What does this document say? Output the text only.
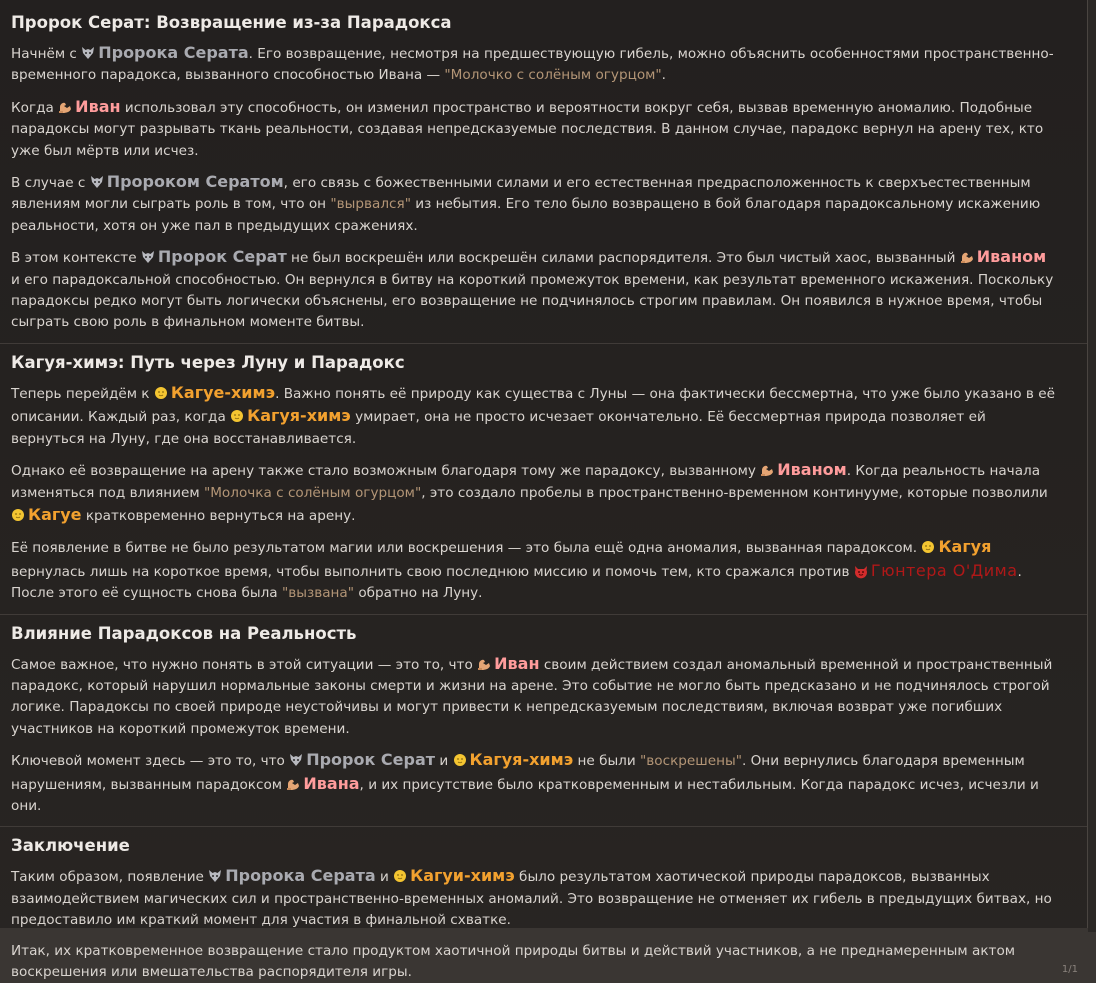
Пророк Серат: Возвращение из-за Парадокса

Начнём с
Пророка Серата. Его возвращение, несмотря на предшествующую гибель, можно объяснить особенностями пространственно-временного парадокса, вызванного способностью Ивана — "Молочко с солёным огурцом".

Когда
Иван использовал эту способность, он изменил пространство и вероятности вокруг себя, вызвав временную аномалию. Подобные парадоксы могут разрывать ткань реальности, создавая непредсказуемые последствия. В данном случае, парадокс вернул на арену тех, кто уже был мёртв или исчез.

В случае с
Пророком Сератом, его связь с божественными силами и его естественная предрасположенность к сверхъестественным явлениям могли сыграть роль в том, что он "вырвался" из небытия. Его тело было возвращено в бой благодаря парадоксальному искажению реальности, хотя он уже пал в предыдущих сражениях.

В этом контексте
Пророк Серат не был воскрешён или воскрешён силами распорядителя. Это был чистый хаос, вызванный
Иваном и его парадоксальной способностью. Он вернулся в битву на короткий промежуток времени, как результат временного искажения. Поскольку парадоксы редко могут быть логически объяснены, его возвращение не подчинялось строгим правилам. Он появился в нужное время, чтобы сыграть свою роль в финальном моменте битвы.

Кагуя-химэ: Путь через Луну и Парадокс

Теперь перейдём к
Кагуе-химэ. Важно понять её природу как существа с Луны — она фактически бессмертна, что уже было указано в её описании. Каждый раз, когда
Кагуя-химэ умирает, она не просто исчезает окончательно. Её бессмертная природа позволяет ей вернуться на Луну, где она восстанавливается.

Однако её возвращение на арену также стало возможным благодаря тому же парадоксу, вызванному
Иваном. Когда реальность начала изменяться под влиянием "Молочка с солёным огурцом", это создало пробелы в пространственно-временном континууме, которые позволили
Кагуе кратковременно вернуться на арену.

Её появление в битве не было результатом магии или воскрешения — это была ещё одна аномалия, вызванная парадоксом.
Кагуя вернулась лишь на короткое время, чтобы выполнить свою последнюю миссию и помочь тем, кто сражался против
Гюнтера О'Дима. После этого её сущность снова была "вызвана" обратно на Луну.

Влияние Парадоксов на Реальность

Самое важное, что нужно понять в этой ситуации — это то, что
Иван своим действием создал аномальный временной и пространственный парадокс, который нарушил нормальные законы смерти и жизни на арене. Это событие не могло быть предсказано и не подчинялось строгой логике. Парадоксы по своей природе неустойчивы и могут привести к непредсказуемым последствиям, включая возврат уже погибших участников на короткий промежуток времени.

Ключевой момент здесь — это то, что
Пророк Серат и
Кагуя-химэ не были "воскрешены". Они вернулись благодаря временным нарушениям, вызванным парадоксом
Ивана, и их присутствие было кратковременным и нестабильным. Когда парадокс исчез, исчезли и они.

Заключение

Таким образом, появление
Пророка Серата и
Кагуи-химэ было результатом хаотической природы парадоксов, вызванных взаимодействием магических сил и пространственно-временных аномалий. Это возвращение не отменяет их гибель в предыдущих битвах, но предоставило им краткий момент для участия в финальной схватке.

Итак, их кратковременное возвращение стало продуктом хаотичной природы битвы и действий участников, а не преднамеренным актом воскрешения или вмешательства распорядителя игры.	1/1
